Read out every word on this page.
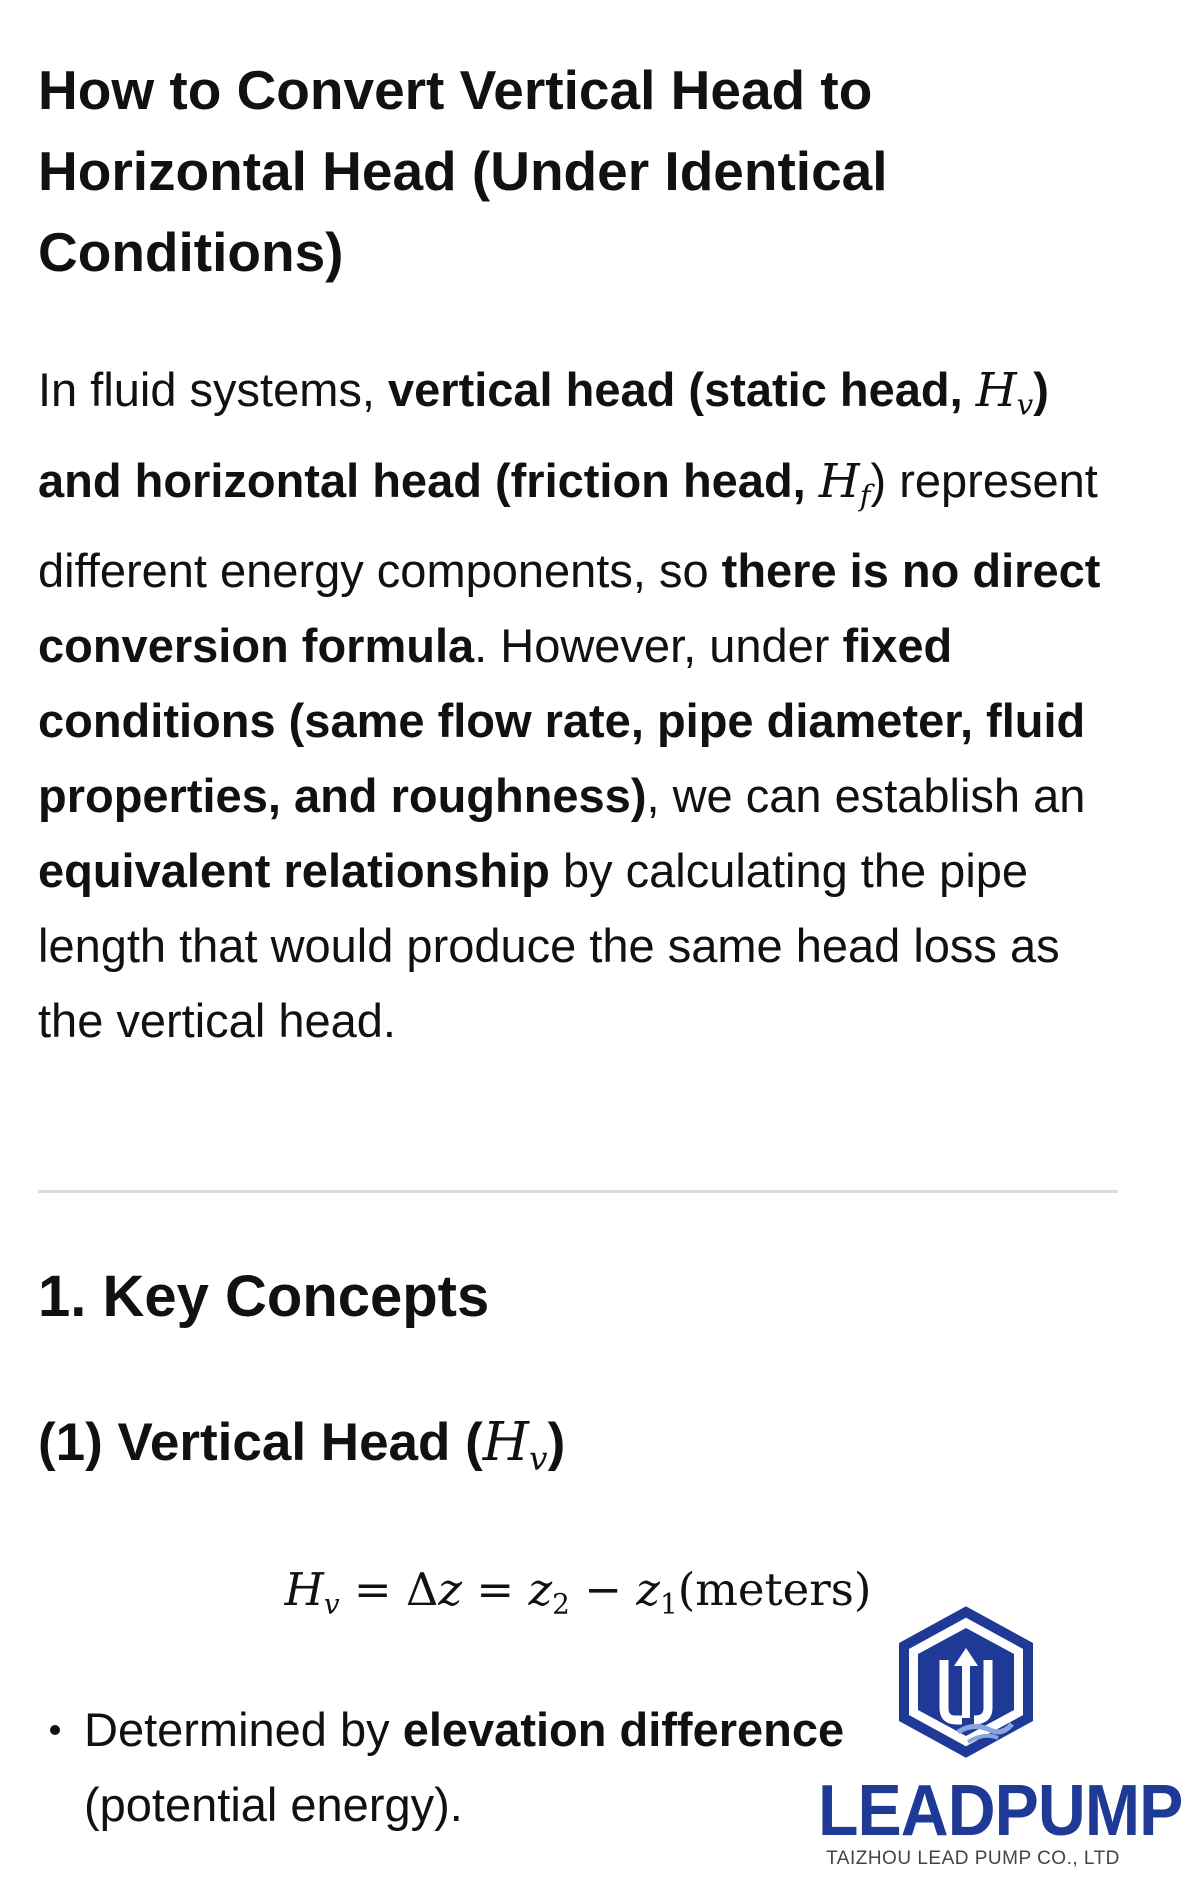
How to Convert Vertical Head to Horizontal Head (Under Identical Conditions)

In fluid systems, vertical head (static head, $H_v$) and horizontal head (friction head, $H_f$) represent different energy components, so there is no direct conversion formula. However, under fixed conditions (same flow rate, pipe diameter, fluid properties, and roughness), we can establish an equivalent relationship by calculating the pipe length that would produce the same head loss as the vertical head.

1. Key Concepts
(1) Vertical Head $(H_v)$
$H_v = \Delta z = z_2$ − $z_1(meters)$
Determined by elevation difference (potential energy).	LEADPUMP
TAIZHOU LEAD PUMP CO., LTD
